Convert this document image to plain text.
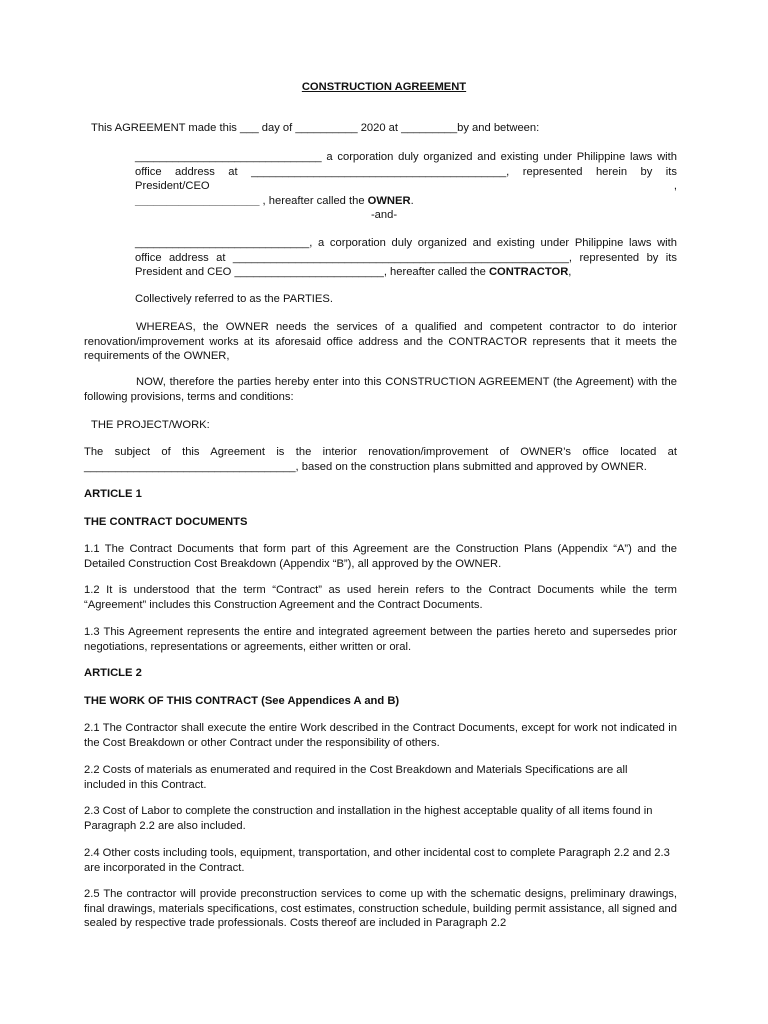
CONSTRUCTION AGREEMENT
This AGREEMENT made this ___ day of __________ 2020 at _________by and between:

______________________________ a corporation duly organized and existing under Philippine laws with

office address at _________________________________________, represented herein by its President/CEO ,

____________________ , hereafter called the OWNER.

-and-

____________________________, a corporation duly organized and existing under Philippine laws with

office address at ______________________________________________________, represented by its

President and CEO ________________________, hereafter called the CONTRACTOR,

Collectively referred to as the PARTIES.
WHEREAS, the OWNER needs the services of a qualified and competent contractor to do interior renovation/improvement works at its aforesaid office address and the CONTRACTOR represents that it meets the requirements of the OWNER,
NOW, therefore the parties hereby enter into this CONSTRUCTION AGREEMENT (the Agreement) with the following provisions, terms and conditions:
THE PROJECT/WORK:
The subject of this Agreement is the interior renovation/improvement of OWNER’s office located at __________________________________, based on the construction plans submitted and approved by OWNER.
ARTICLE 1
THE CONTRACT DOCUMENTS
1.1 The Contract Documents that form part of this Agreement are the Construction Plans (Appendix “A”) and the Detailed Construction Cost Breakdown (Appendix “B”), all approved by the OWNER.
1.2 It is understood that the term “Contract” as used herein refers to the Contract Documents while the term “Agreement” includes this Construction Agreement and the Contract Documents.
1.3 This Agreement represents the entire and integrated agreement between the parties hereto and supersedes prior negotiations, representations or agreements, either written or oral.
ARTICLE 2
THE WORK OF THIS CONTRACT (See Appendices A and B)
2.1 The Contractor shall execute the entire Work described in the Contract Documents, except for work not indicated in the Cost Breakdown or other Contract under the responsibility of others.

2.2 Costs of materials as enumerated and required in the Cost Breakdown and Materials Specifications are all

included in this Contract.

2.3 Cost of Labor to complete the construction and installation in the highest acceptable quality of all items found in

Paragraph 2.2 are also included.

2.4 Other costs including tools, equipment, transportation, and other incidental cost to complete Paragraph 2.2 and 2.3

are incorporated in the Contract.

2.5 The contractor will provide preconstruction services to come up with the schematic designs, preliminary drawings, final drawings, materials specifications, cost estimates, construction schedule, building permit assistance, all signed and sealed by respective trade professionals. Costs thereof are included in Paragraph 2.2
